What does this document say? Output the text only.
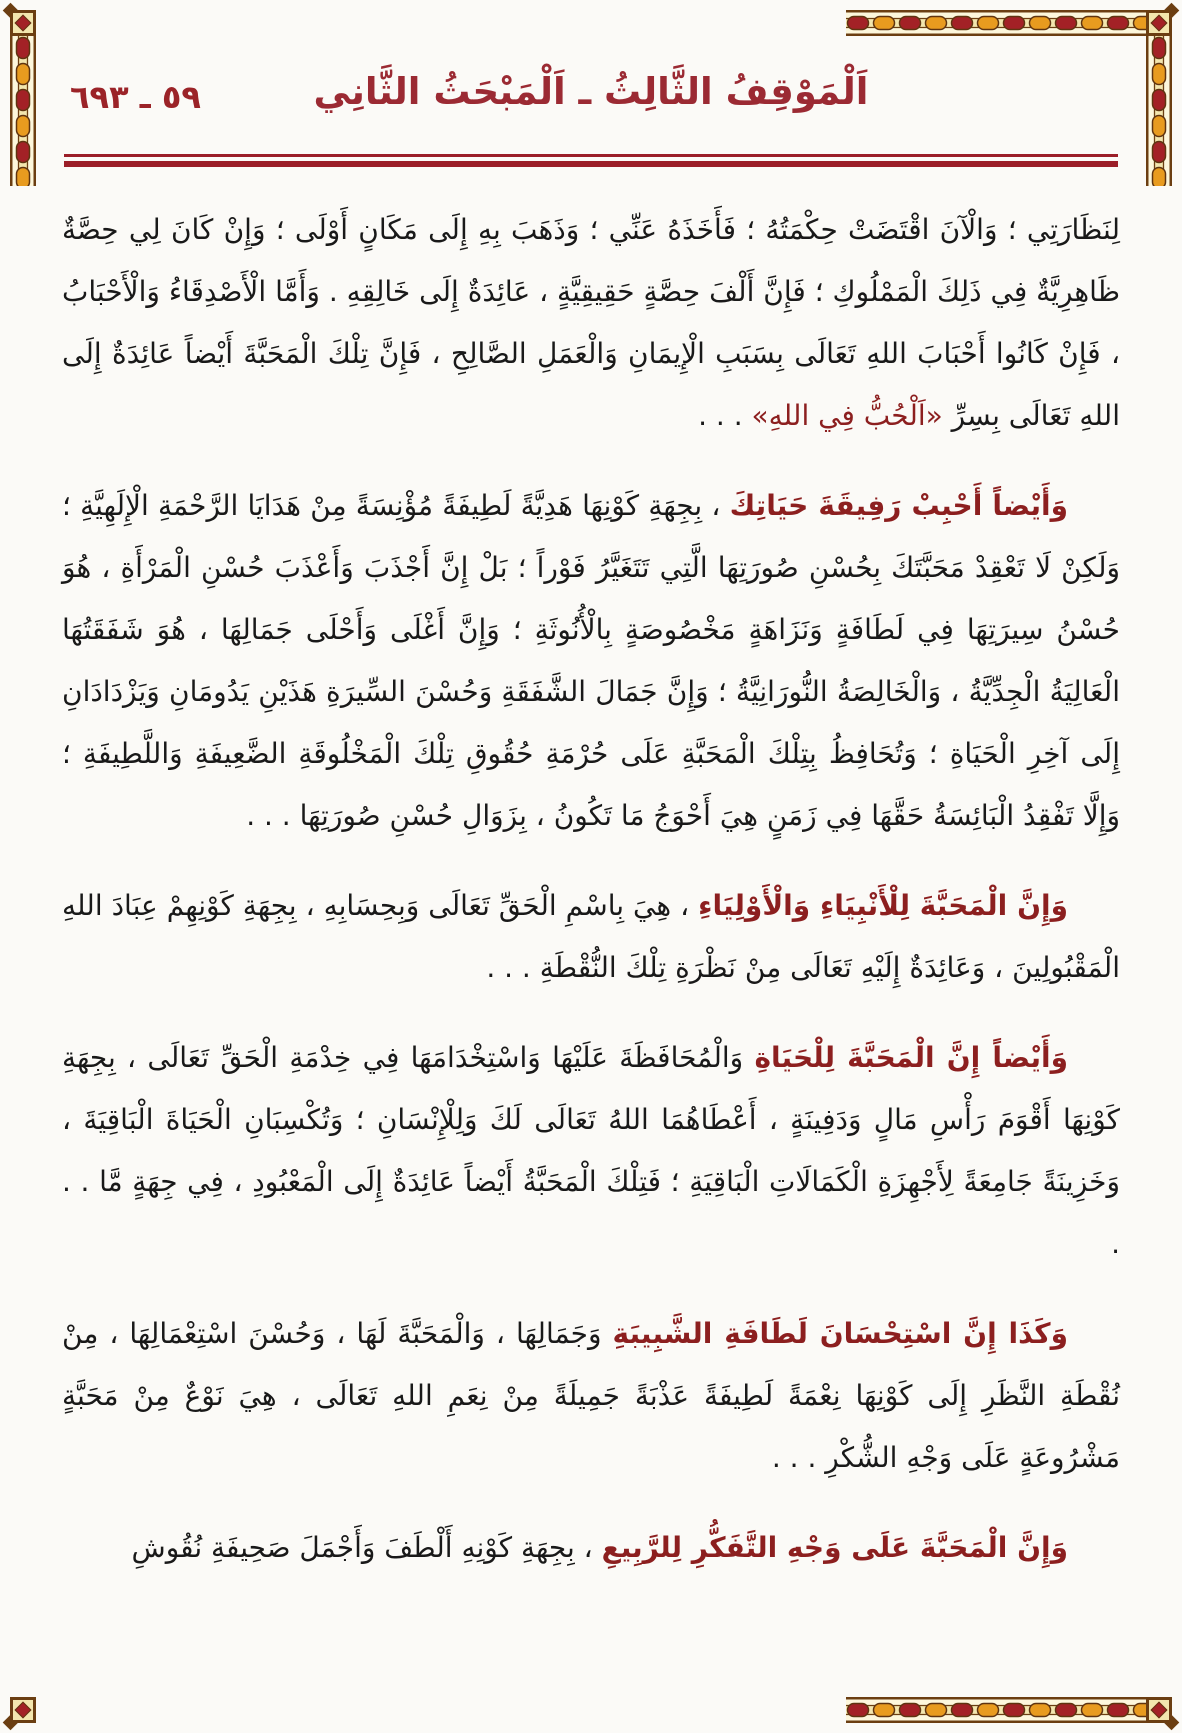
٥٩ ـ ٦٩٣	اَلْمَوْقِفُ الثَّالِثُ ـ اَلْمَبْحَثُ الثَّانِي

لِنَظَارَتِي ؛ وَالْآنَ اقْتَضَتْ حِكْمَتُهُ ؛ فَأَخَذَهُ عَنِّي ؛ وَذَهَبَ بِهِ إِلَى مَكَانٍ أَوْلَى ؛ وَإِنْ كَانَ لِي حِصَّةٌ ظَاهِرِيَّةٌ فِي ذَلِكَ الْمَمْلُوكِ ؛ فَإِنَّ أَلْفَ حِصَّةٍ حَقِيقِيَّةٍ ، عَائِدَةٌ إِلَى خَالِقِهِ . وَأَمَّا الْأَصْدِقَاءُ وَالْأَحْبَابُ ، فَإِنْ كَانُوا أَحْبَابَ اللهِ تَعَالَى بِسَبَبِ الْإِيمَانِ وَالْعَمَلِ الصَّالِحِ ، فَإِنَّ تِلْكَ الْمَحَبَّةَ أَيْضاً عَائِدَةٌ إِلَى اللهِ تَعَالَى بِسِرِّ «اَلْحُبُّ فِي اللهِ» . . .

وَأَيْضاً أَحْبِبْ رَفِيقَةَ حَيَاتِكَ ، بِجِهَةِ كَوْنِهَا هَدِيَّةً لَطِيفَةً مُؤْنِسَةً مِنْ هَدَايَا الرَّحْمَةِ الْإِلَهِيَّةِ ؛ وَلَكِنْ لَا تَعْقِدْ مَحَبَّتَكَ بِحُسْنِ صُورَتِهَا الَّتِي تَتَغَيَّرُ فَوْراً ؛ بَلْ إِنَّ أَجْذَبَ وَأَعْذَبَ حُسْنِ الْمَرْأَةِ ، هُوَ حُسْنُ سِيرَتِهَا فِي لَطَافَةٍ وَنَزَاهَةٍ مَخْصُوصَةٍ بِالْأُنُوثَةِ ؛ وَإِنَّ أَغْلَى وَأَحْلَى جَمَالِهَا ، هُوَ شَفَقَتُهَا الْعَالِيَةُ الْجِدِّيَّةُ ، وَالْخَالِصَةُ النُّورَانِيَّةُ ؛ وَإِنَّ جَمَالَ الشَّفَقَةِ وَحُسْنَ السِّيرَةِ هَذَيْنِ يَدُومَانِ وَيَزْدَادَانِ إِلَى آخِرِ الْحَيَاةِ ؛ وَتُحَافِظُ بِتِلْكَ الْمَحَبَّةِ عَلَى حُرْمَةِ حُقُوقِ تِلْكَ الْمَخْلُوقَةِ الضَّعِيفَةِ وَاللَّطِيفَةِ ؛ وَإِلَّا تَفْقِدُ الْبَائِسَةُ حَقَّهَا فِي زَمَنٍ هِيَ أَحْوَجُ مَا تَكُونُ ، بِزَوَالِ حُسْنِ صُورَتِهَا . . .

وَإِنَّ الْمَحَبَّةَ لِلْأَنْبِيَاءِ وَالْأَوْلِيَاءِ ، هِيَ بِاسْمِ الْحَقِّ تَعَالَى وَبِحِسَابِهِ ، بِجِهَةِ كَوْنِهِمْ عِبَادَ اللهِ الْمَقْبُولِينَ ، وَعَائِدَةٌ إِلَيْهِ تَعَالَى مِنْ نَظْرَةِ تِلْكَ النُّقْطَةِ . . .

وَأَيْضاً إِنَّ الْمَحَبَّةَ لِلْحَيَاةِ وَالْمُحَافَظَةَ عَلَيْهَا وَاسْتِخْدَامَهَا فِي خِدْمَةِ الْحَقِّ تَعَالَى ، بِجِهَةِ كَوْنِهَا أَقْوَمَ رَأْسِ مَالٍ وَدَفِينَةٍ ، أَعْطَاهُمَا اللهُ تَعَالَى لَكَ وَلِلْإِنْسَانِ ؛ وَتُكْسِبَانِ الْحَيَاةَ الْبَاقِيَةَ ، وَخَزِينَةً جَامِعَةً لِأَجْهِزَةِ الْكَمَالَاتِ الْبَاقِيَةِ ؛ فَتِلْكَ الْمَحَبَّةُ أَيْضاً عَائِدَةٌ إِلَى الْمَعْبُودِ ، فِي جِهَةٍ مَّا . . .

وَكَذَا إِنَّ اسْتِحْسَانَ لَطَافَةِ الشَّبِيبَةِ وَجَمَالِهَا ، وَالْمَحَبَّةَ لَهَا ، وَحُسْنَ اسْتِعْمَالِهَا ، مِنْ نُقْطَةِ النَّظَرِ إِلَى كَوْنِهَا نِعْمَةً لَطِيفَةً عَذْبَةً جَمِيلَةً مِنْ نِعَمِ اللهِ تَعَالَى ، هِيَ نَوْعٌ مِنْ مَحَبَّةٍ مَشْرُوعَةٍ عَلَى وَجْهِ الشُّكْرِ . . .

وَإِنَّ الْمَحَبَّةَ عَلَى وَجْهِ التَّفَكُّرِ لِلرَّبِيعِ ، بِجِهَةِ كَوْنِهِ أَلْطَفَ وَأَجْمَلَ صَحِيفَةِ نُقُوشِ
